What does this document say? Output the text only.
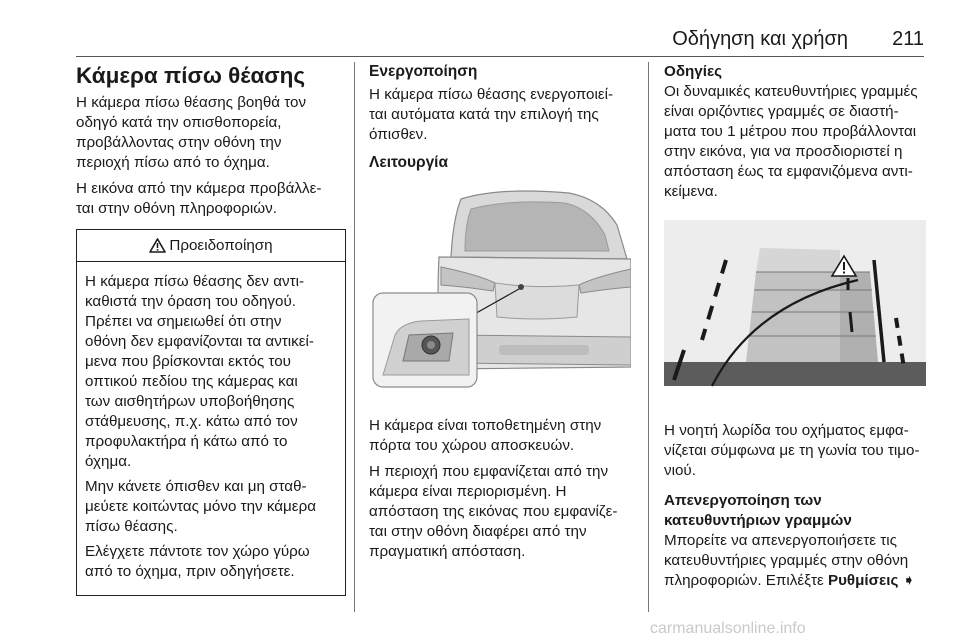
Οδήγηση και χρήση 211
Κάμερα πίσω θέασης

Η κάμερα πίσω θέασης βοηθά τον
οδηγό κατά την οπισθοπορεία,
προβάλλοντας στην οθόνη την
περιοχή πίσω από το όχημα.

Η εικόνα από την κάμερα προβάλλε-
ται στην οθόνη πληροφοριών.

Προειδοποίηση

Η κάμερα πίσω θέασης δεν αντι-
καθιστά την όραση του οδηγού.
Πρέπει να σημειωθεί ότι στην
οθόνη δεν εμφανίζονται τα αντικεί-
μενα που βρίσκονται εκτός του
οπτικού πεδίου της κάμερας και
των αισθητήρων υποβοήθησης
στάθμευσης, π.χ. κάτω από τον
προφυλακτήρα ή κάτω από το
όχημα.

Μην κάνετε όπισθεν και μη σταθ-
μεύετε κοιτώντας μόνο την κάμερα
πίσω θέασης.

Ελέγχετε πάντοτε τον χώρο γύρω
από το όχημα, πριν οδηγήσετε.

Ενεργοποίηση

Η κάμερα πίσω θέασης ενεργοποιεί-
ται αυτόματα κατά την επιλογή της
όπισθεν.

Λειτουργία

Η κάμερα είναι τοποθετημένη στην
πόρτα του χώρου αποσκευών.

Η περιοχή που εμφανίζεται από την
κάμερα είναι περιορισμένη. Η
απόσταση της εικόνας που εμφανίζε-
ται στην οθόνη διαφέρει από την
πραγματική απόσταση.

Οδηγίες

Οι δυναμικές κατευθυντήριες γραμμές
είναι οριζόντιες γραμμές σε διαστή-
ματα του 1 μέτρου που προβάλλονται
στην εικόνα, για να προσδιοριστεί η
απόσταση έως τα εμφανιζόμενα αντι-
κείμενα.

Η νοητή λωρίδα του οχήματος εμφα-
νίζεται σύμφωνα με τη γωνία του τιμο-
νιού.

Απενεργοποίηση των
κατευθυντήριων γραμμών

Μπορείτε να απενεργοποιήσετε τις
κατευθυντήριες γραμμές στην οθόνη
πληροφοριών. Επιλέξτε Ρυθμίσεις ➧

carmanualsonline.info
